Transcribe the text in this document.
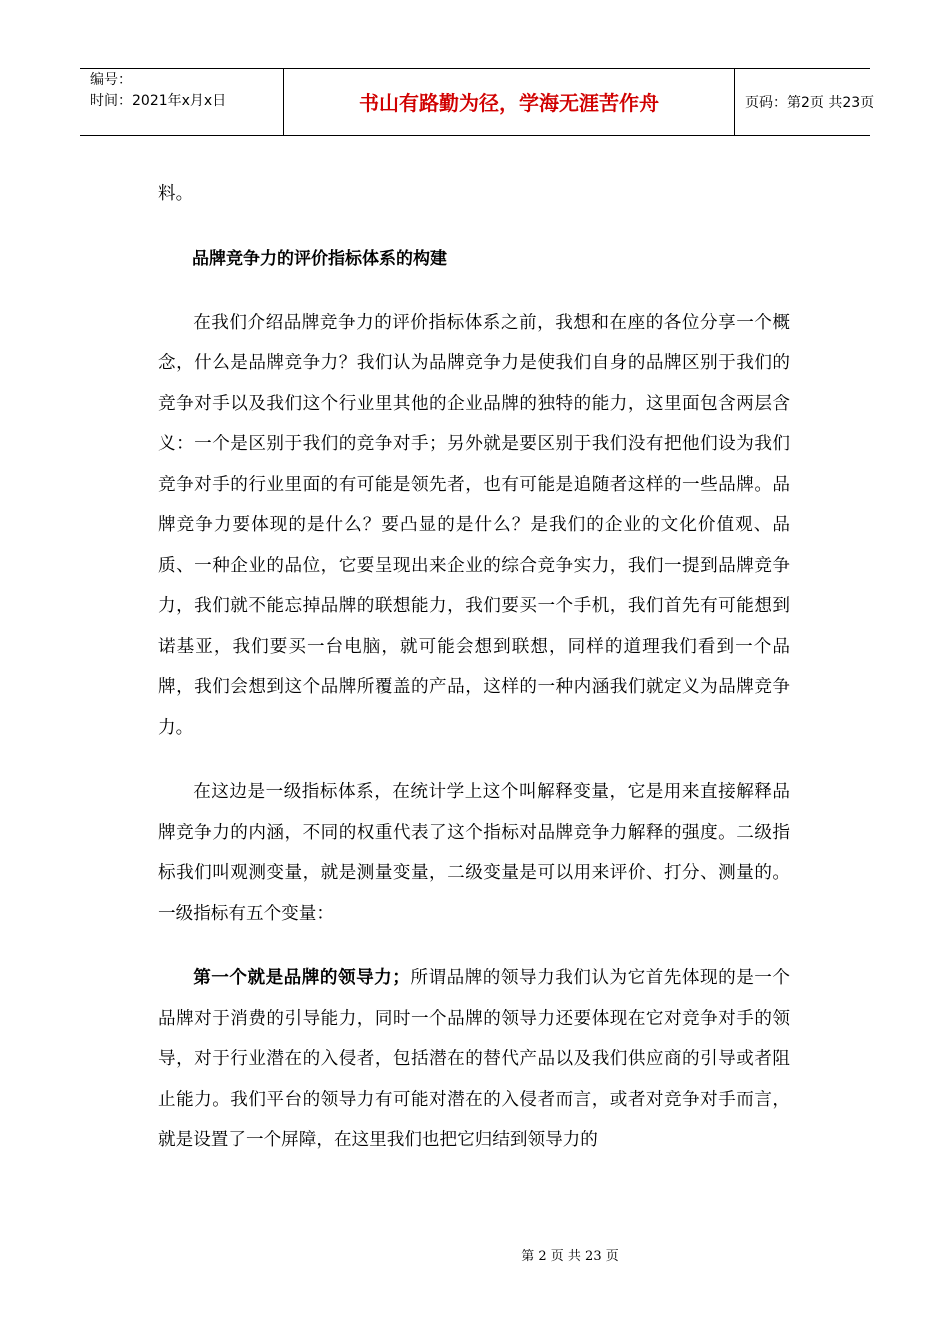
编号：
时间：2021年x月x日	书山有路勤为径，学海无涯苦作舟	页码：第2页 共23页

料。

品牌竞争力的评价指标体系的构建

在我们介绍品牌竞争力的评价指标体系之前，我想和在座的各位分享一个概念，什么是品牌竞争力？我们认为品牌竞争力是使我们自身的品牌区别于我们的竞争对手以及我们这个行业里其他的企业品牌的独特的能力，这里面包含两层含义：一个是区别于我们的竞争对手；另外就是要区别于我们没有把他们设为我们竞争对手的行业里面的有可能是领先者，也有可能是追随者这样的一些品牌。品牌竞争力要体现的是什么？要凸显的是什么？是我们的企业的文化价值观、品质、一种企业的品位，它要呈现出来企业的综合竞争实力，我们一提到品牌竞争力，我们就不能忘掉品牌的联想能力，我们要买一个手机，我们首先有可能想到诺基亚，我们要买一台电脑，就可能会想到联想，同样的道理我们看到一个品牌，我们会想到这个品牌所覆盖的产品，这样的一种内涵我们就定义为品牌竞争力。

在这边是一级指标体系，在统计学上这个叫解释变量，它是用来直接解释品牌竞争力的内涵，不同的权重代表了这个指标对品牌竞争力解释的强度。二级指标我们叫观测变量，就是测量变量，二级变量是可以用来评价、打分、测量的。一级指标有五个变量：

第一个就是品牌的领导力；所谓品牌的领导力我们认为它首先体现的是一个品牌对于消费的引导能力，同时一个品牌的领导力还要体现在它对竞争对手的领导，对于行业潜在的入侵者，包括潜在的替代产品以及我们供应商的引导或者阻止能力。我们平台的领导力有可能对潜在的入侵者而言，或者对竞争对手而言，就是设置了一个屏障，在这里我们也把它归结到领导力的

第 2 页 共 23 页
